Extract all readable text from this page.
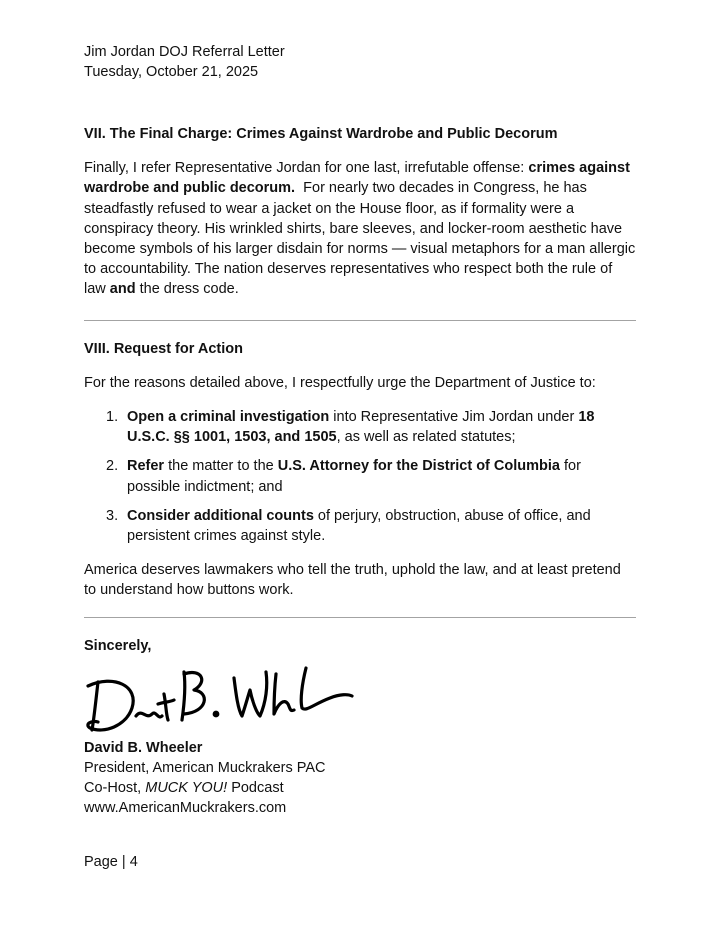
Jim Jordan DOJ Referral Letter
Tuesday, October 21, 2025
VII. The Final Charge: Crimes Against Wardrobe and Public Decorum

Finally, I refer Representative Jordan for one last, irrefutable offense: crimes against wardrobe and public decorum.  For nearly two decades in Congress, he has steadfastly refused to wear a jacket on the House floor, as if formality were a conspiracy theory. His wrinkled shirts, bare sleeves, and locker-room aesthetic have become symbols of his larger disdain for norms — visual metaphors for a man allergic to accountability. The nation deserves representatives who respect both the rule of law and the dress code.

VIII. Request for Action

For the reasons detailed above, I respectfully urge the Department of Justice to:

1. Open a criminal investigation into Representative Jim Jordan under 18 U.S.C. §§ 1001, 1503, and 1505, as well as related statutes;
2. Refer the matter to the U.S. Attorney for the District of Columbia for possible indictment; and
3. Consider additional counts of perjury, obstruction, abuse of office, and persistent crimes against style.

America deserves lawmakers who tell the truth, uphold the law, and at least pretend to understand how buttons work.

Sincerely,

David B. Wheeler
President, American Muckrakers PAC
Co-Host, MUCK YOU! Podcast
www.AmericanMuckrakers.com
Page | 4
